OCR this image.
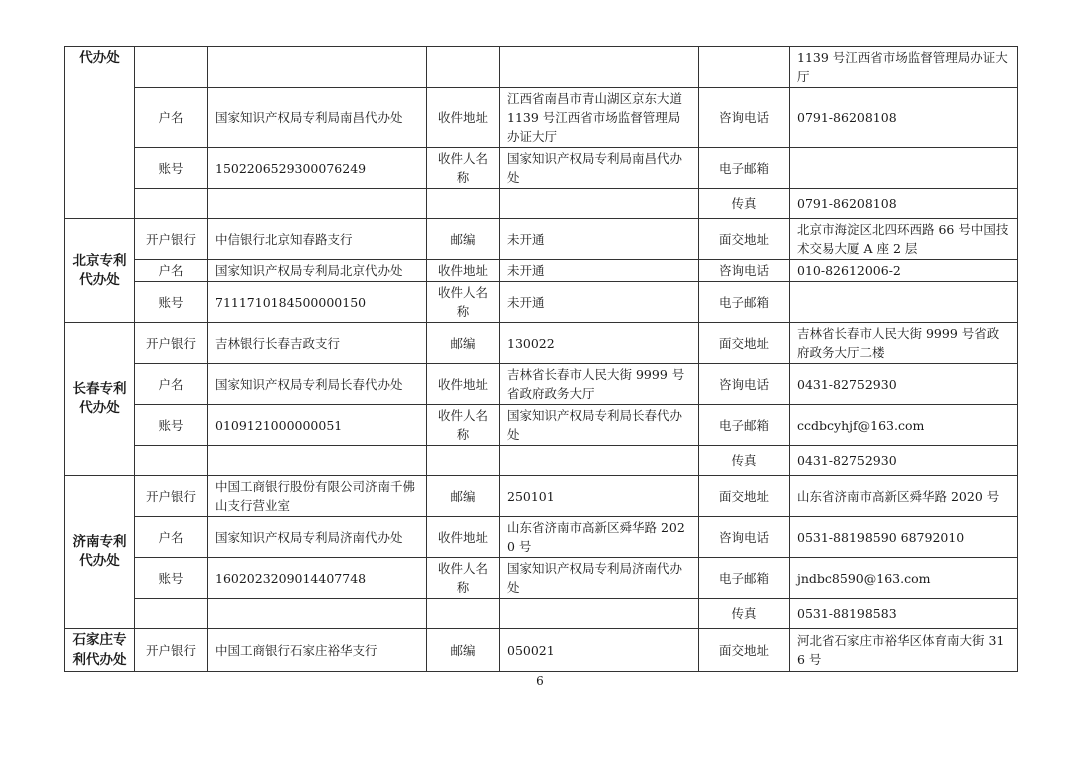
代办处						1139 号江西省市场监督管理局办证大厅
	户名	国家知识产权局专利局南昌代办处	收件地址	江西省南昌市青山湖区京东大道 1139 号江西省市场监督管理局办证大厅	咨询电话	0791-86208108
	账号	1502206529300076249	收件人名称	国家知识产权局专利局南昌代办处	电子邮箱	
					传真	0791-86208108
北京专利代办处	开户银行	中信银行北京知春路支行	邮编	未开通	面交地址	北京市海淀区北四环西路 66 号中国技术交易大厦 A 座 2 层
	户名	国家知识产权局专利局北京代办处	收件地址	未开通	咨询电话	010-82612006-2
	账号	7111710184500000150	收件人名称	未开通	电子邮箱	
长春专利代办处	开户银行	吉林银行长春吉政支行	邮编	130022	面交地址	吉林省长春市人民大街 9999 号省政府政务大厅二楼
	户名	国家知识产权局专利局长春代办处	收件地址	吉林省长春市人民大街 9999 号省政府政务大厅	咨询电话	0431-82752930
	账号	0109121000000051	收件人名称	国家知识产权局专利局长春代办处	电子邮箱	ccdbcyhjf@163.com
					传真	0431-82752930
济南专利代办处	开户银行	中国工商银行股份有限公司济南千佛山支行营业室	邮编	250101	面交地址	山东省济南市高新区舜华路 2020 号
	户名	国家知识产权局专利局济南代办处	收件地址	山东省济南市高新区舜华路 2020 号	咨询电话	0531-88198590 68792010
	账号	1602023209014407748	收件人名称	国家知识产权局专利局济南代办处	电子邮箱	jndbc8590@163.com
					传真	0531-88198583
石家庄专利代办处	开户银行	中国工商银行石家庄裕华支行	邮编	050021	面交地址	河北省石家庄市裕华区体育南大街 316 号
6
